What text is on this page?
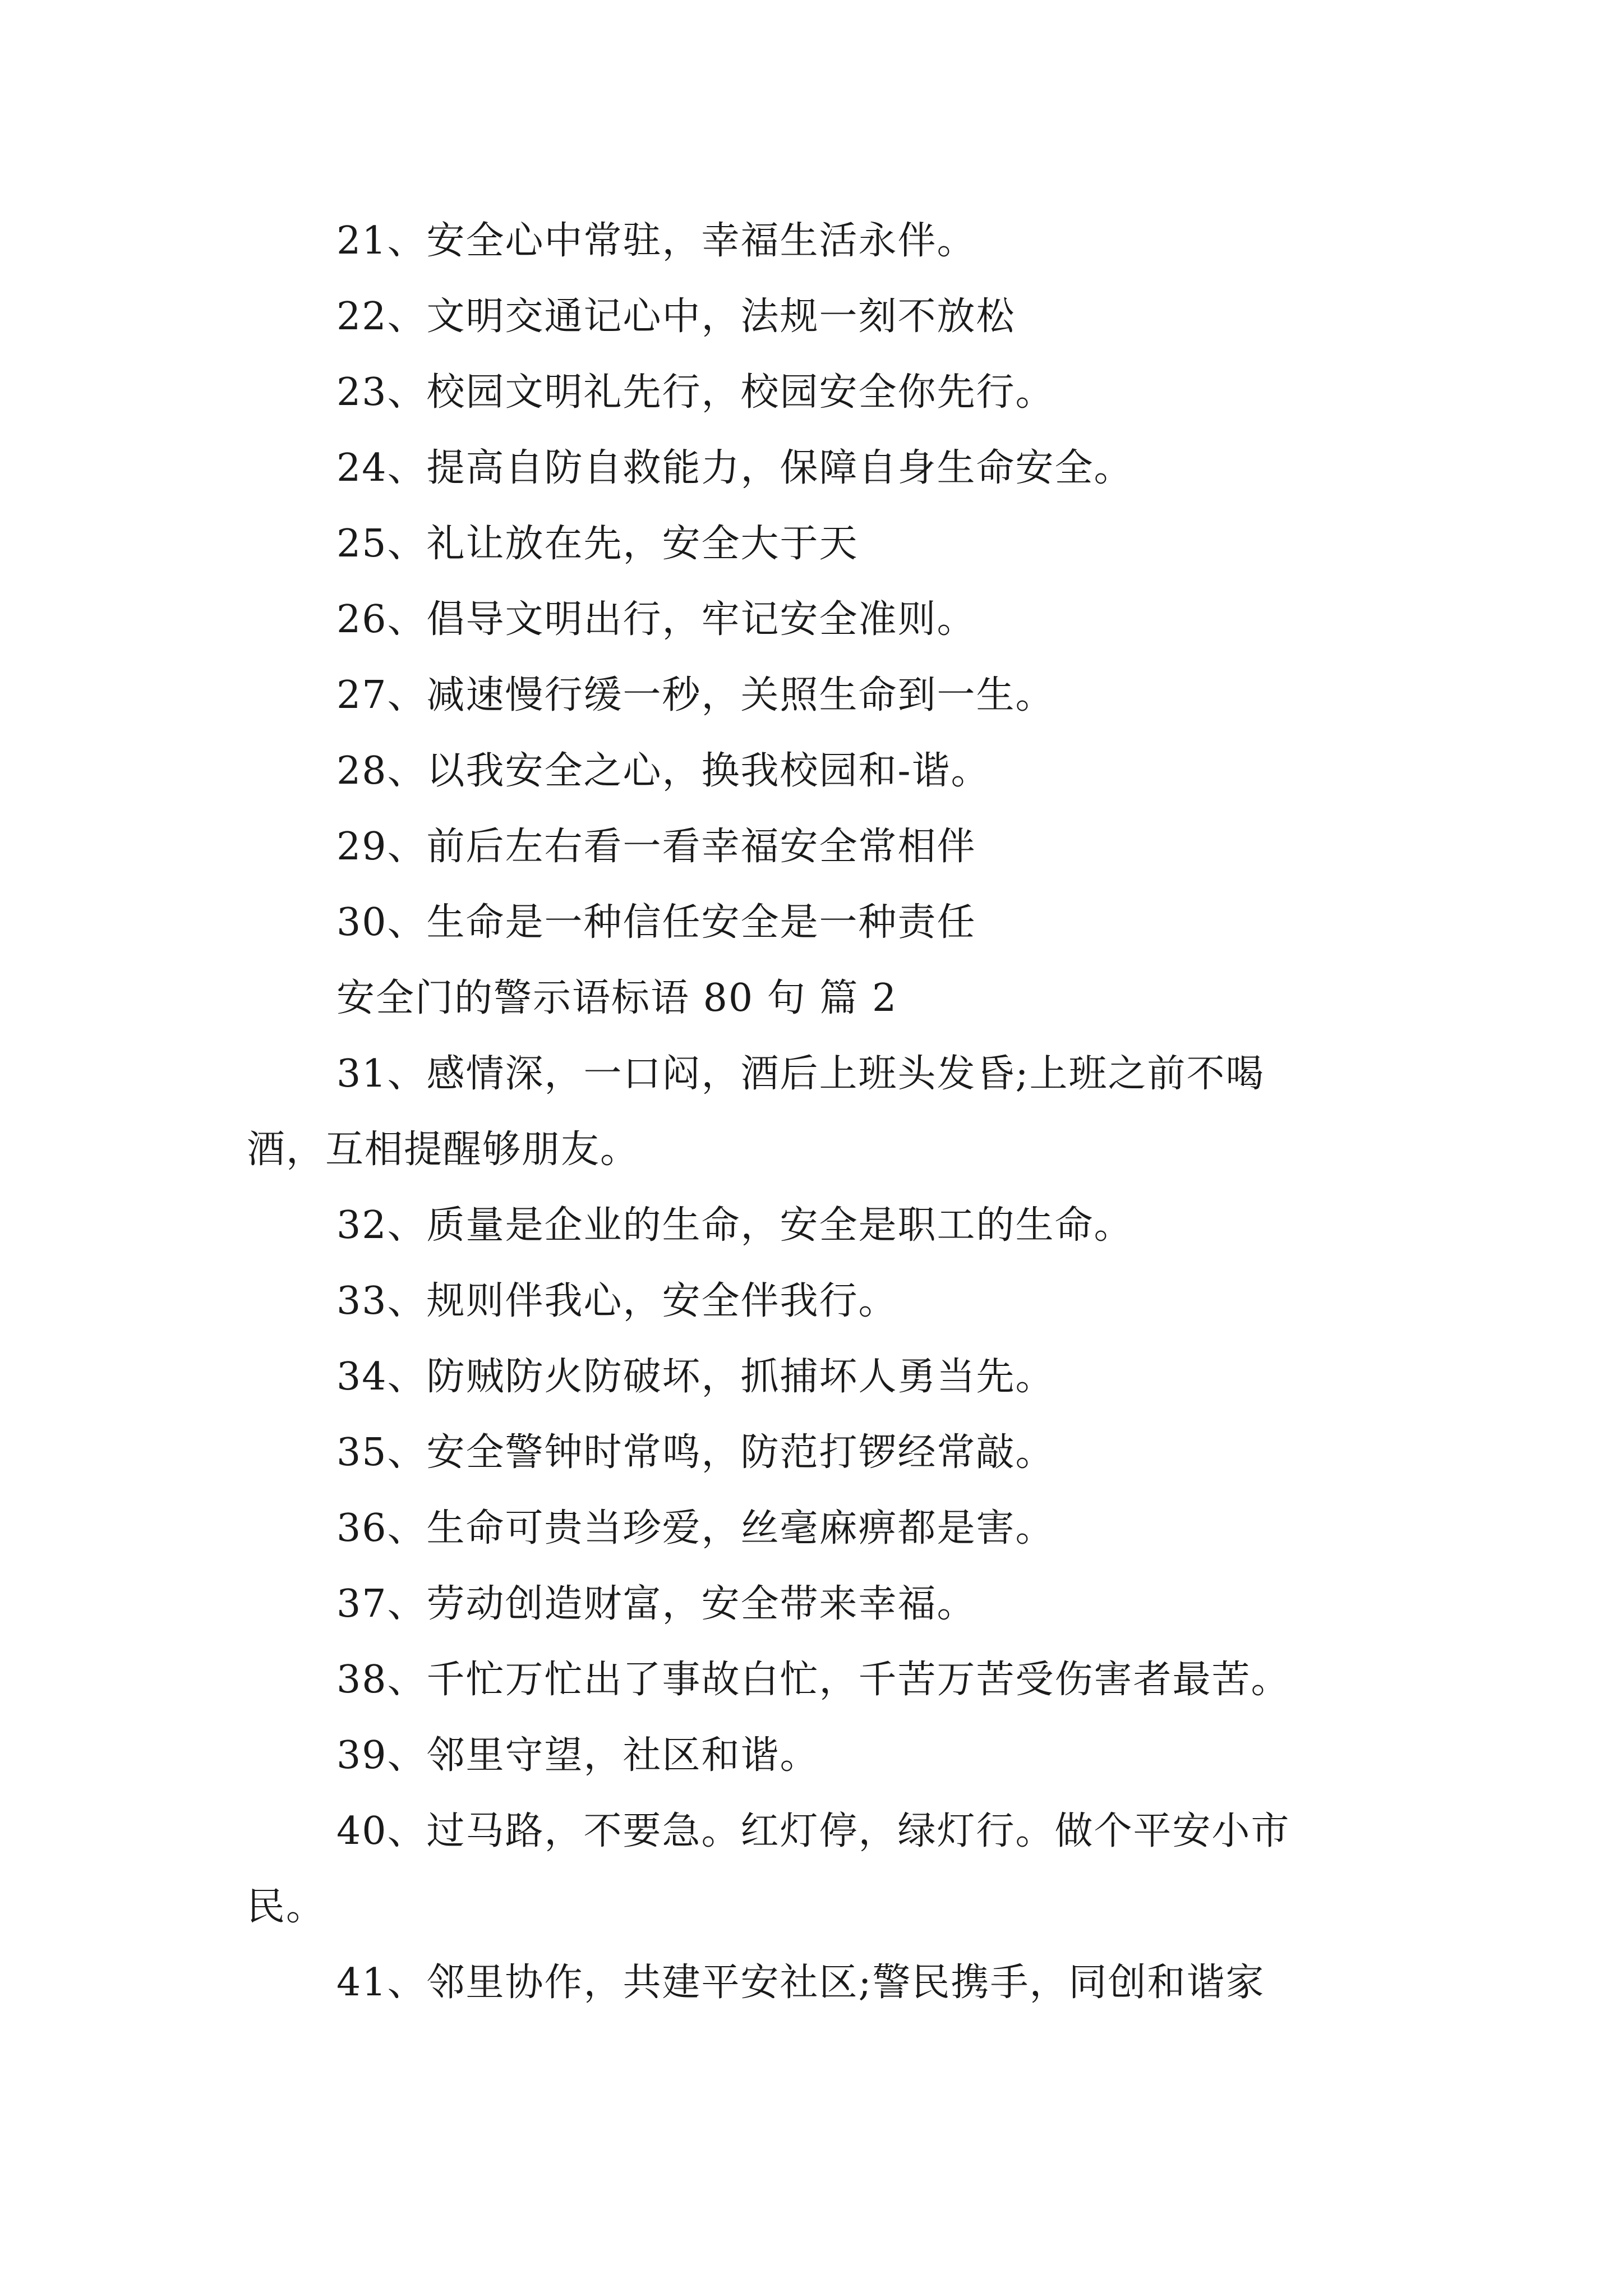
21、安全心中常驻，幸福生活永伴。
22、文明交通记心中，法规一刻不放松
23、校园文明礼先行，校园安全你先行。
24、提高自防自救能力，保障自身生命安全。
25、礼让放在先，安全大于天
26、倡导文明出行，牢记安全准则。
27、减速慢行缓一秒，关照生命到一生。
28、以我安全之心，换我校园和-谐。
29、前后左右看一看幸福安全常相伴
30、生命是一种信任安全是一种责任
安全门的警示语标语 80 句 篇 2
31、感情深，一口闷，酒后上班头发昏;上班之前不喝
酒，互相提醒够朋友。
32、质量是企业的生命，安全是职工的生命。
33、规则伴我心，安全伴我行。
34、防贼防火防破坏，抓捕坏人勇当先。
35、安全警钟时常鸣，防范打锣经常敲。
36、生命可贵当珍爱，丝毫麻痹都是害。
37、劳动创造财富，安全带来幸福。
38、千忙万忙出了事故白忙，千苦万苦受伤害者最苦。
39、邻里守望，社区和谐。
40、过马路，不要急。红灯停，绿灯行。做个平安小市
民。
41、邻里协作，共建平安社区;警民携手，同创和谐家
